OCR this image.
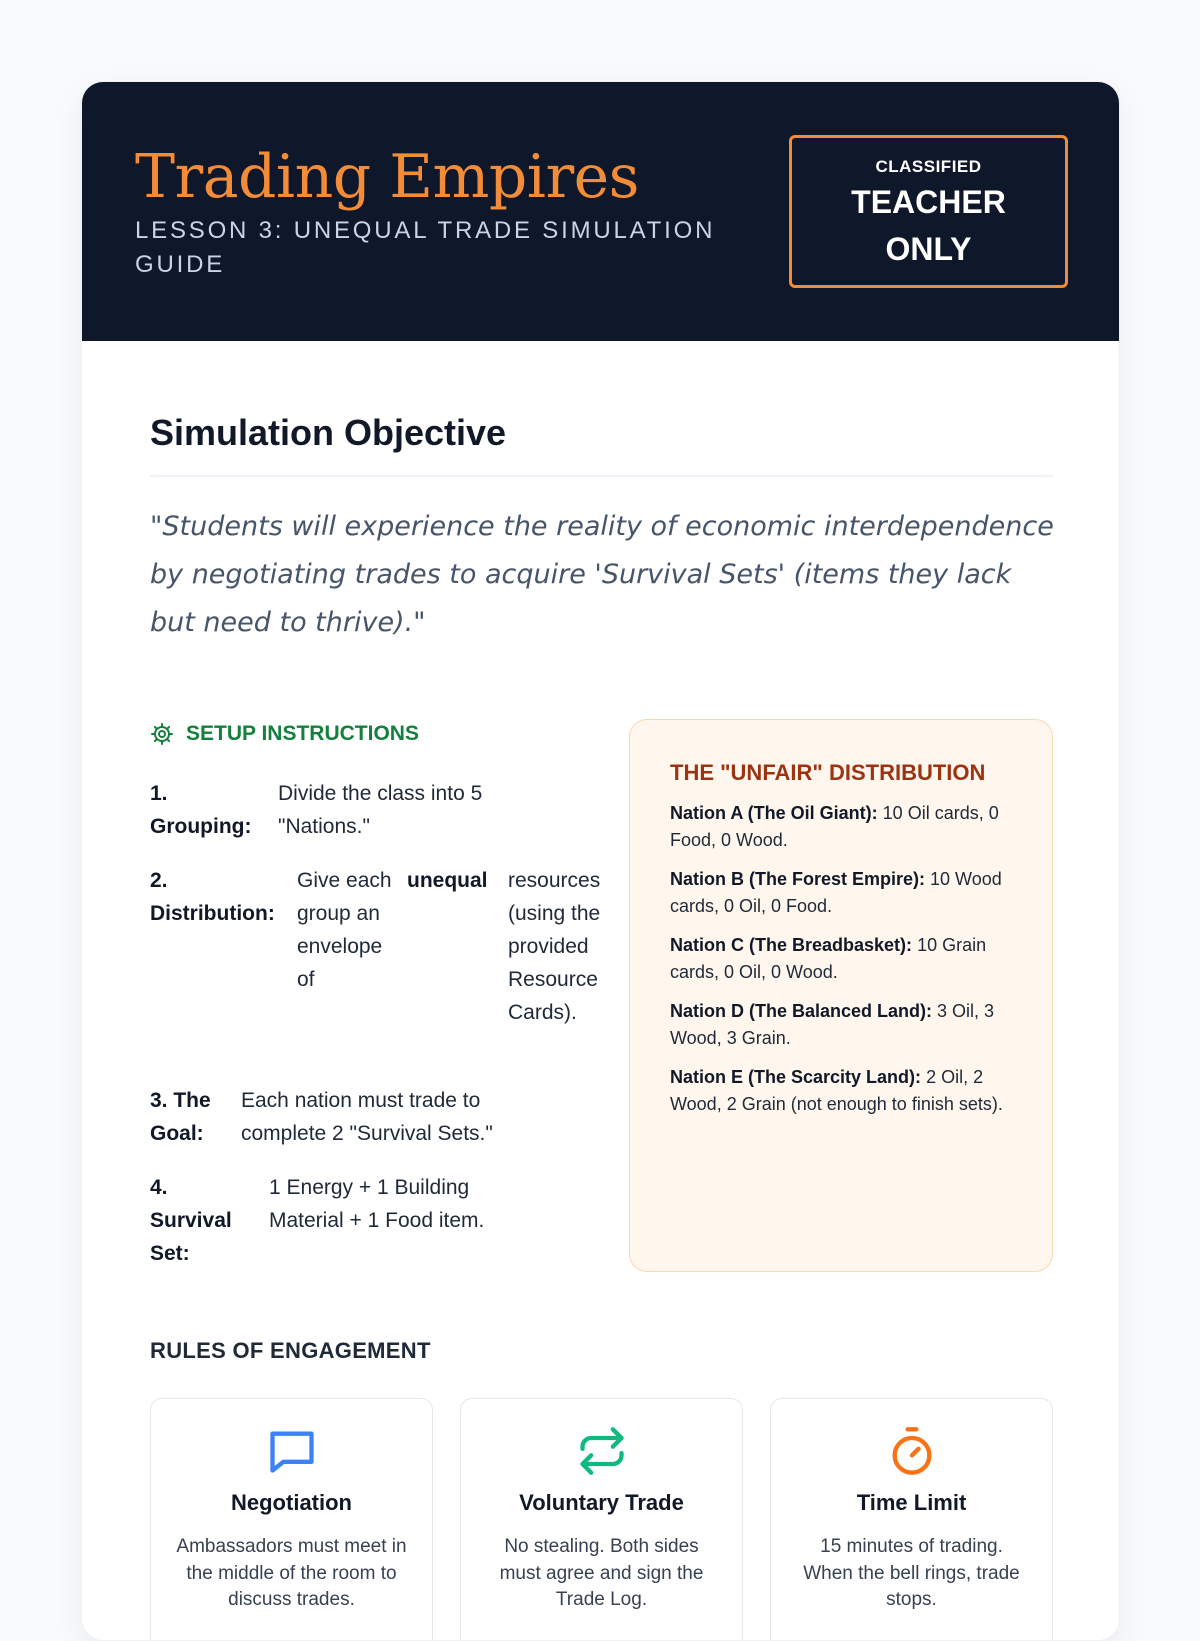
Trading Empires
LESSON 3: UNEQUAL TRADE SIMULATION GUIDE
CLASSIFIED
TEACHER
ONLY
Simulation Objective
"Students will experience the reality of economic interdependence by negotiating trades to acquire 'Survival Sets' (items they lack but need to thrive)."
SETUP INSTRUCTIONS
1.
Grouping:
Divide the class into 5 "Nations."
2.
Distribution:
Give each group an envelope of
unequal resources (using the provided Resource Cards).
3. The
Goal:
Each nation must trade to complete 2 "Survival Sets."
4.
Survival
Set:
1 Energy + 1 Building Material + 1 Food item.
THE "UNFAIR" DISTRIBUTION
Nation A (The Oil Giant): 10 Oil cards, 0 Food, 0 Wood.
Nation B (The Forest Empire): 10 Wood cards, 0 Oil, 0 Food.
Nation C (The Breadbasket): 10 Grain cards, 0 Oil, 0 Wood.
Nation D (The Balanced Land): 3 Oil, 3 Wood, 3 Grain.
Nation E (The Scarcity Land): 2 Oil, 2 Wood, 2 Grain (not enough to finish sets).
RULES OF ENGAGEMENT
Negotiation
Ambassadors must meet in the middle of the room to discuss trades.
Voluntary Trade
No stealing. Both sides must agree and sign the Trade Log.
Time Limit
15 minutes of trading. When the bell rings, trade stops.
